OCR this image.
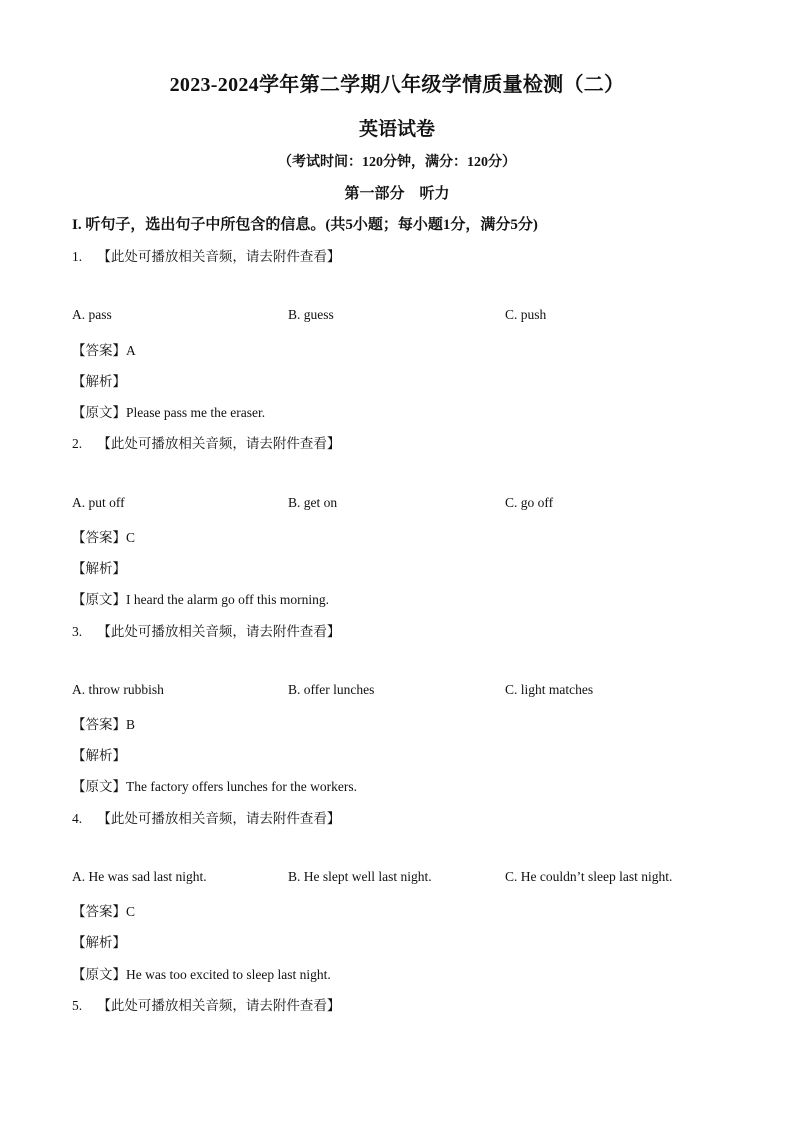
2023-2024学年第二学期八年级学情质量检测（二）
英语试卷
（考试时间：120分钟，满分：120分）
第一部分　听力
I. 听句子，选出句子中所包含的信息。(共5小题；每小题1分，满分5分)
1. 【此处可播放相关音频，请去附件查看】
A. pass	B. guess	C. push
【答案】A
【解析】
【原文】Please pass me the eraser.
2. 【此处可播放相关音频，请去附件查看】
A. put off	B. get on	C. go off
【答案】C
【解析】
【原文】I heard the alarm go off this morning.
3. 【此处可播放相关音频，请去附件查看】
A. throw rubbish	B. offer lunches	C. light matches
【答案】B
【解析】
【原文】The factory offers lunches for the workers.
4. 【此处可播放相关音频，请去附件查看】
A. He was sad last night.	B. He slept well last night.	C. He couldn’t sleep last night.
【答案】C
【解析】
【原文】He was too excited to sleep last night.
5. 【此处可播放相关音频，请去附件查看】
